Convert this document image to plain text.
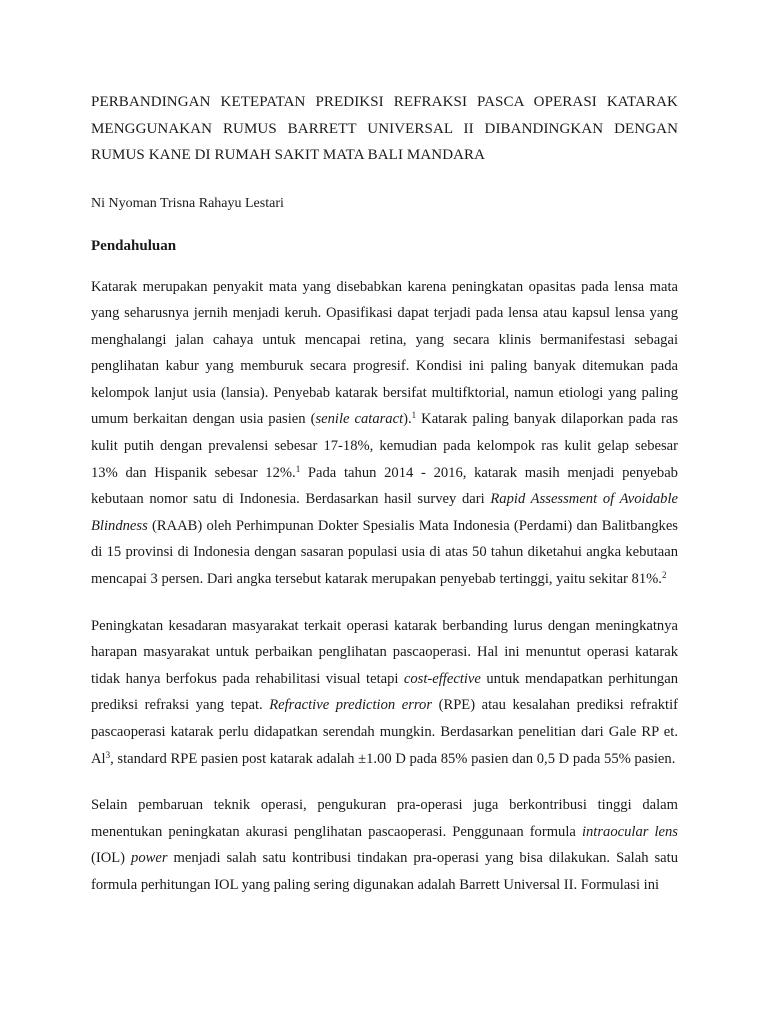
PERBANDINGAN KETEPATAN PREDIKSI REFRAKSI PASCA OPERASI KATARAK MENGGUNAKAN RUMUS BARRETT UNIVERSAL II DIBANDINGKAN DENGAN RUMUS KANE DI RUMAH SAKIT MATA BALI MANDARA

Ni Nyoman Trisna Rahayu Lestari

Pendahuluan

Katarak merupakan penyakit mata yang disebabkan karena peningkatan opasitas pada lensa mata yang seharusnya jernih menjadi keruh. Opasifikasi dapat terjadi pada lensa atau kapsul lensa yang menghalangi jalan cahaya untuk mencapai retina, yang secara klinis bermanifestasi sebagai penglihatan kabur yang memburuk secara progresif. Kondisi ini paling banyak ditemukan pada kelompok lanjut usia (lansia). Penyebab katarak bersifat multifktorial, namun etiologi yang paling umum berkaitan dengan usia pasien (senile cataract).$^1$ Katarak paling banyak dilaporkan pada ras kulit putih dengan prevalensi sebesar 17-18%, kemudian pada kelompok ras kulit gelap sebesar 13% dan Hispanik sebesar 12%.$^1$ Pada tahun 2014 - 2016, katarak masih menjadi penyebab kebutaan nomor satu di Indonesia. Berdasarkan hasil survey dari Rapid Assessment of Avoidable Blindness (RAAB) oleh Perhimpunan Dokter Spesialis Mata Indonesia (Perdami) dan Balitbangkes di 15 provinsi di Indonesia dengan sasaran populasi usia di atas 50 tahun diketahui angka kebutaan mencapai 3 persen. Dari angka tersebut katarak merupakan penyebab tertinggi, yaitu sekitar 81%.$^2$

Peningkatan kesadaran masyarakat terkait operasi katarak berbanding lurus dengan meningkatnya harapan masyarakat untuk perbaikan penglihatan pascaoperasi. Hal ini menuntut operasi katarak tidak hanya berfokus pada rehabilitasi visual tetapi cost-effective untuk mendapatkan perhitungan prediksi refraksi yang tepat. Refractive prediction error (RPE) atau kesalahan prediksi refraktif pascaoperasi katarak perlu didapatkan serendah mungkin. Berdasarkan penelitian dari Gale RP et. Al$^3$, standard RPE pasien post katarak adalah ±1.00 D pada 85% pasien dan 0,5 D pada 55% pasien.

Selain pembaruan teknik operasi, pengukuran pra-operasi juga berkontribusi tinggi dalam menentukan peningkatan akurasi penglihatan pascaoperasi. Penggunaan formula intraocular lens (IOL) power menjadi salah satu kontribusi tindakan pra-operasi yang bisa dilakukan. Salah satu formula perhitungan IOL yang paling sering digunakan adalah Barrett Universal II. Formulasi ini
